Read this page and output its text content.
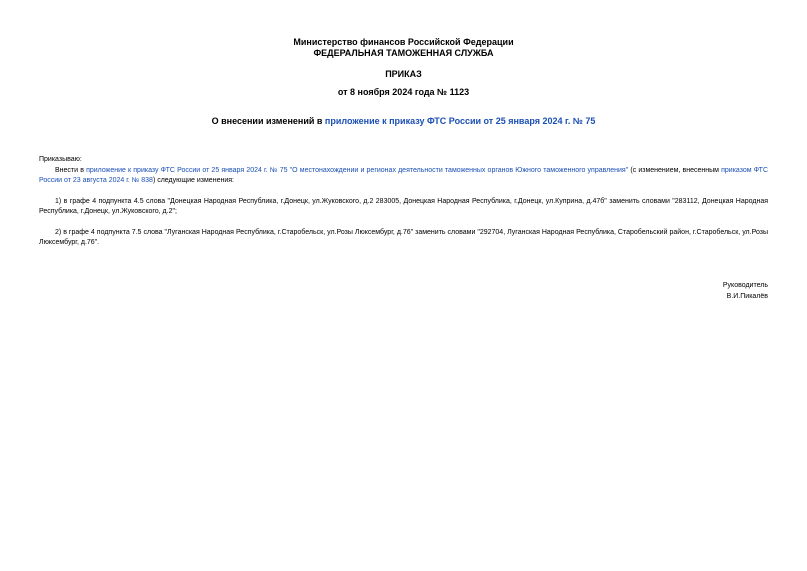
Министерство финансов Российской Федерации
ФЕДЕРАЛЬНАЯ ТАМОЖЕННАЯ СЛУЖБА
ПРИКАЗ
от 8 ноября 2024 года № 1123
О внесении изменений в приложение к приказу ФТС России от 25 января 2024 г. № 75
Приказываю:
Внести в приложение к приказу ФТС России от 25 января 2024 г. № 75 "О местонахождении и регионах деятельности таможенных органов Южного таможенного управления" (с изменением, внесенным приказом ФТС России от 23 августа 2024 г. № 838) следующие изменения:
1) в графе 4 подпункта 4.5 слова "Донецкая Народная Республика, г.Донецк, ул.Жуковского, д.2 283005, Донецкая Народная Республика, г.Донецк, ул.Куприна, д.47б" заменить словами "283112, Донецкая Народная Республика, г.Донецк, ул.Жуковского, д.2";
2) в графе 4 подпункта 7.5 слова "Луганская Народная Республика, г.Старобельск, ул.Розы Люксембург, д.76" заменить словами "292704, Луганская Народная Республика, Старобельский район, г.Старобельск, ул.Розы Люксембург, д.76".
Руководитель
В.И.Пикалёв
